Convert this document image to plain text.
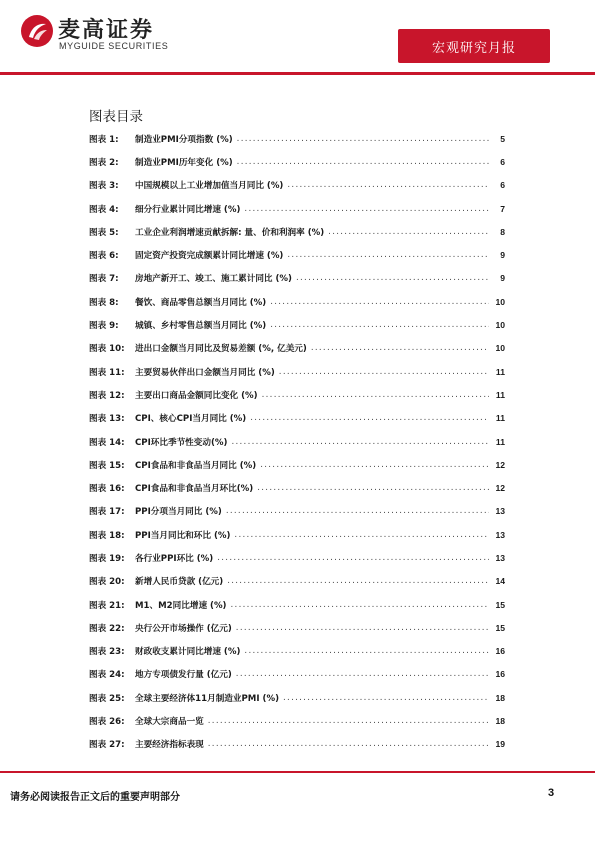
麦高证券
MYGUIDE SECURITIES	宏观研究月报
图表目录
图表 1:	制造业PMI分项指数 (%) .....	5
图表 2:	制造业PMI历年变化 (%) .....	6
图表 3:	中国规模以上工业增加值当月同比 (%) .....	6
图表 4:	细分行业累计同比增速 (%) .....	7
图表 5:	工业企业利润增速贡献拆解: 量、价和利润率 (%) .....	8
图表 6:	固定资产投资完成额累计同比增速 (%) .....	9
图表 7:	房地产新开工、竣工、施工累计同比 (%) .....	9
图表 8:	餐饮、商品零售总额当月同比 (%) .....	10
图表 9:	城镇、乡村零售总额当月同比 (%) .....	10
图表 10:	进出口金额当月同比及贸易差额 (%, 亿美元) .....	10
图表 11:	主要贸易伙伴出口金额当月同比 (%) .....	11
图表 12:	主要出口商品金额同比变化 (%) .....	11
图表 13:	CPI、核心CPI当月同比 (%) .....	11
图表 14:	CPI环比季节性变动(%) .....	11
图表 15:	CPI食品和非食品当月同比 (%) .....	12
图表 16:	CPI食品和非食品当月环比(%) .....	12
图表 17:	PPI分项当月同比 (%) .....	13
图表 18:	PPI当月同比和环比 (%) .....	13
图表 19:	各行业PPI环比 (%) .....	13
图表 20:	新增人民币贷款 (亿元) .....	14
图表 21:	M1、M2同比增速 (%) .....	15
图表 22:	央行公开市场操作 (亿元) .....	15
图表 23:	财政收支累计同比增速 (%) .....	16
图表 24:	地方专项债发行量 (亿元) .....	16
图表 25:	全球主要经济体11月制造业PMI (%) .....	18
图表 26:	全球大宗商品一览 .....	18
图表 27:	主要经济指标表现 .....	19
请务必阅读报告正文后的重要声明部分	3
